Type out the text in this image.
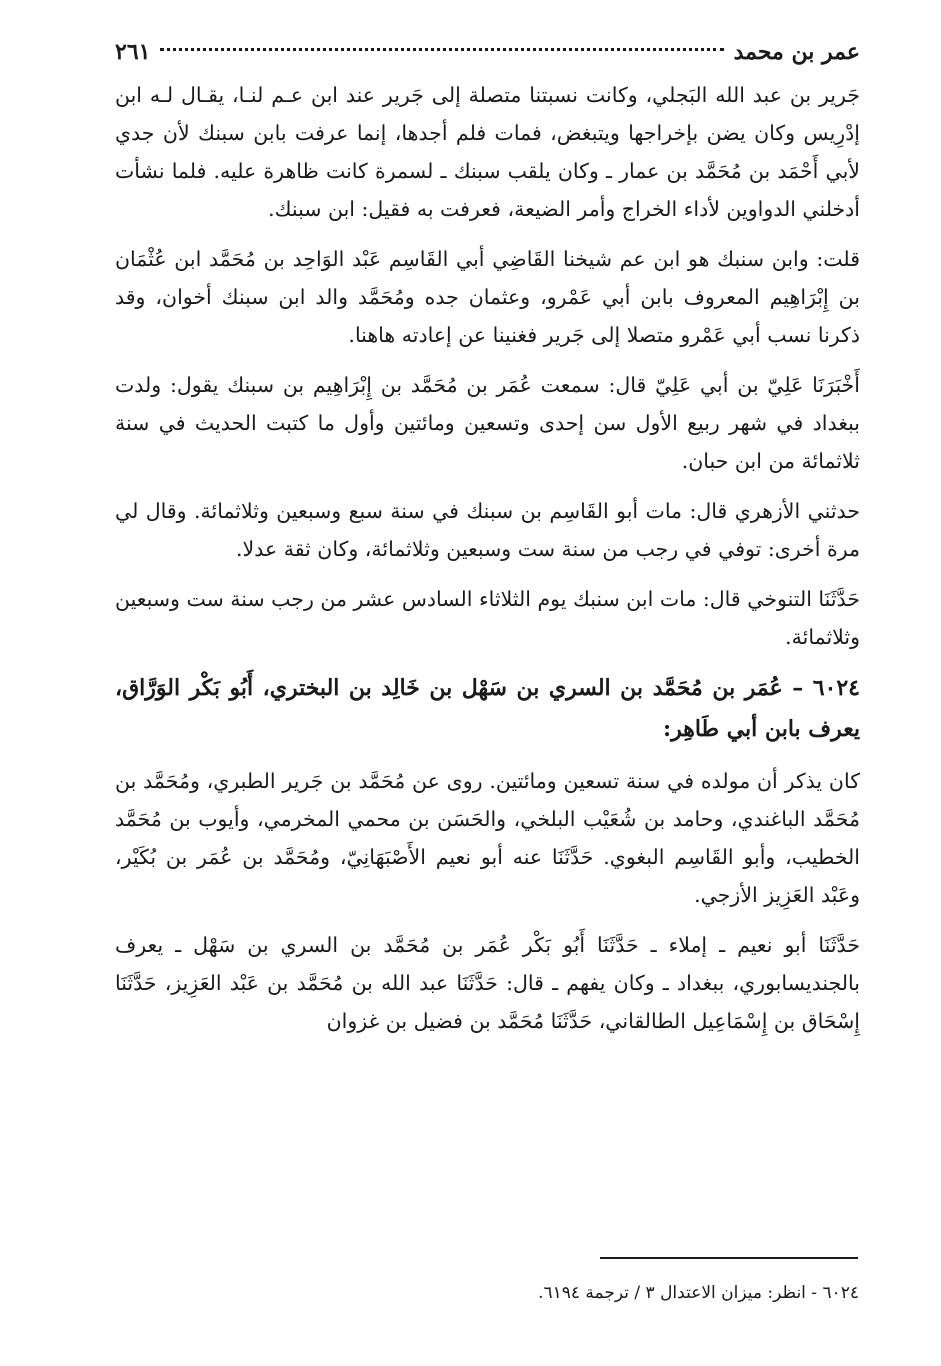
عمر بن محمد
٢٦١

جَرير بن عبد الله البَجلي، وكانت نسبتنا متصلة إلى جَرير عند ابن عـم لنـا، يقـال لـه ابن إدْرِيس وكان يضن بإخراجها ويتبغض، فمات فلم أجدها، إنما عرفت بابن سبنك لأن جدي لأبي أَحْمَد بن مُحَمَّد بن عمار ـ وكان يلقب سبنك ـ لسمرة كانت ظاهرة عليه. فلما نشأت أدخلني الدواوين لأداء الخراج وأمر الضيعة، فعرفت به فقيل: ابن سبنك.

قلت: وابن سنبك هو ابن عم شيخنا القَاضِي أبي القَاسِم عَبْد الوَاحِد بن مُحَمَّد ابن عُثْمَان بن إِبْرَاهِيم المعروف بابن أبي عَمْرو، وعثمان جده ومُحَمَّد والد ابن سبنك أخوان، وقد ذكرنا نسب أبي عَمْرو متصلا إلى جَرير فغنينا عن إعادته هاهنا.

أَخْبَرَنَا عَلِيّ بن أبي عَلِيّ قال: سمعت عُمَر بن مُحَمَّد بن إِبْرَاهِيم بن سبنك يقول: ولدت ببغداد في شهر ربيع الأول سن إحدى وتسعين ومائتين وأول ما كتبت الحديث في سنة ثلاثمائة من ابن حبان.

حدثني الأزهري قال: مات أبو القَاسِم بن سبنك في سنة سبع وسبعين وثلاثمائة. وقال لي مرة أخرى: توفي في رجب من سنة ست وسبعين وثلاثمائة، وكان ثقة عدلا.

حَدَّثَنَا التنوخي قال: مات ابن سنبك يوم الثلاثاء السادس عشر من رجب سنة ست وسبعين وثلاثمائة.

٦٠٢٤ – عُمَر بن مُحَمَّد بن السري بن سَهْل بن خَالِد بن البختري، أَبُو بَكْر الوَرَّاق، يعرف بابن أبي طَاهِر:

كان يذكر أن مولده في سنة تسعين ومائتين. روى عن مُحَمَّد بن جَرير الطبري، ومُحَمَّد بن مُحَمَّد الباغندي، وحامد بن شُعَيْب البلخي، والحَسَن بن محمي المخرمي، وأيوب بن مُحَمَّد الخطيب، وأبو القَاسِم البغوي. حَدَّثَنَا عنه أبو نعيم الأَصْبَهَانِيّ، ومُحَمَّد بن عُمَر بن بُكَيْر، وعَبْد العَزِيز الأزجي.

حَدَّثَنَا أبو نعيم ـ إملاء ـ حَدَّثَنَا أَبُو بَكْر عُمَر بن مُحَمَّد بن السري بن سَهْل ـ يعرف بالجنديسابوري، ببغداد ـ وكان يفهم ـ قال: حَدَّثَنَا عبد الله بن مُحَمَّد بن عَبْد العَزِيز، حَدَّثَنَا إِسْحَاق بن إِسْمَاعِيل الطالقاني، حَدَّثَنَا مُحَمَّد بن فضيل بن غزوان

٦٠٢٤ - انظر: ميزان الاعتدال ٣ / ترجمة ٦١٩٤.
